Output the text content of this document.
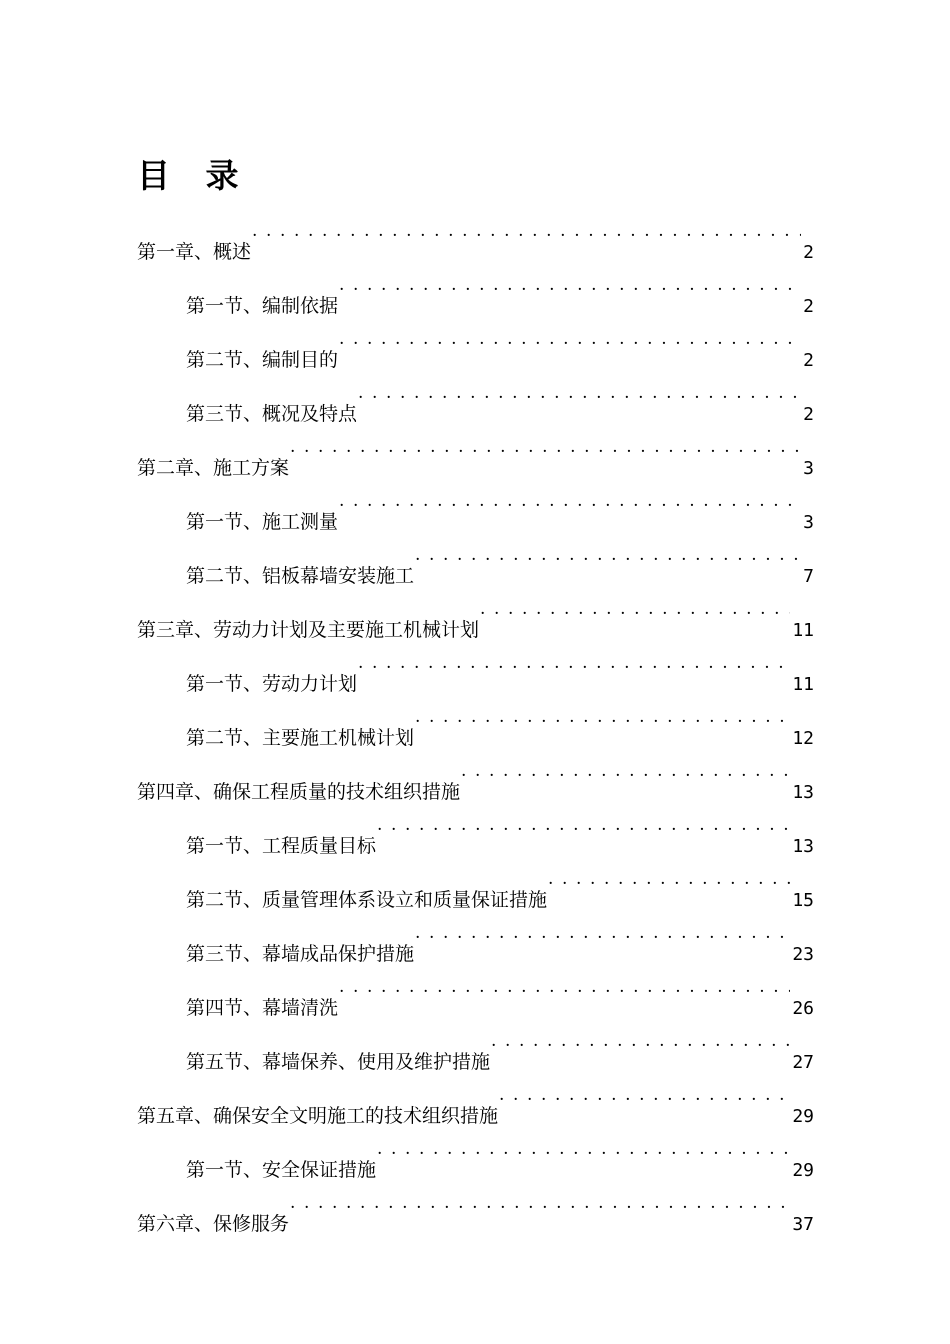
目 录
第一章、概述 . . .	2
第一节、编制依据 . . .	2
第二节、编制目的 . . .	2
第三节、概况及特点 . . .	2
第二章、施工方案 . . .	3
第一节、施工测量 . . .	3
第二节、铝板幕墙安装施工 . . .	7
第三章、劳动力计划及主要施工机械计划 . . .	11
第一节、劳动力计划 . . .	11
第二节、主要施工机械计划 . . .	12
第四章、确保工程质量的技术组织措施 . . .	13
第一节、工程质量目标 . . .	13
第二节、质量管理体系设立和质量保证措施 . . .	15
第三节、幕墙成品保护措施 . . .	23
第四节、幕墙清洗 . . .	26
第五节、幕墙保养、使用及维护措施 . . .	27
第五章、确保安全文明施工的技术组织措施 . . .	29
第一节、安全保证措施 . . .	29
第六章、保修服务 . . .	37
